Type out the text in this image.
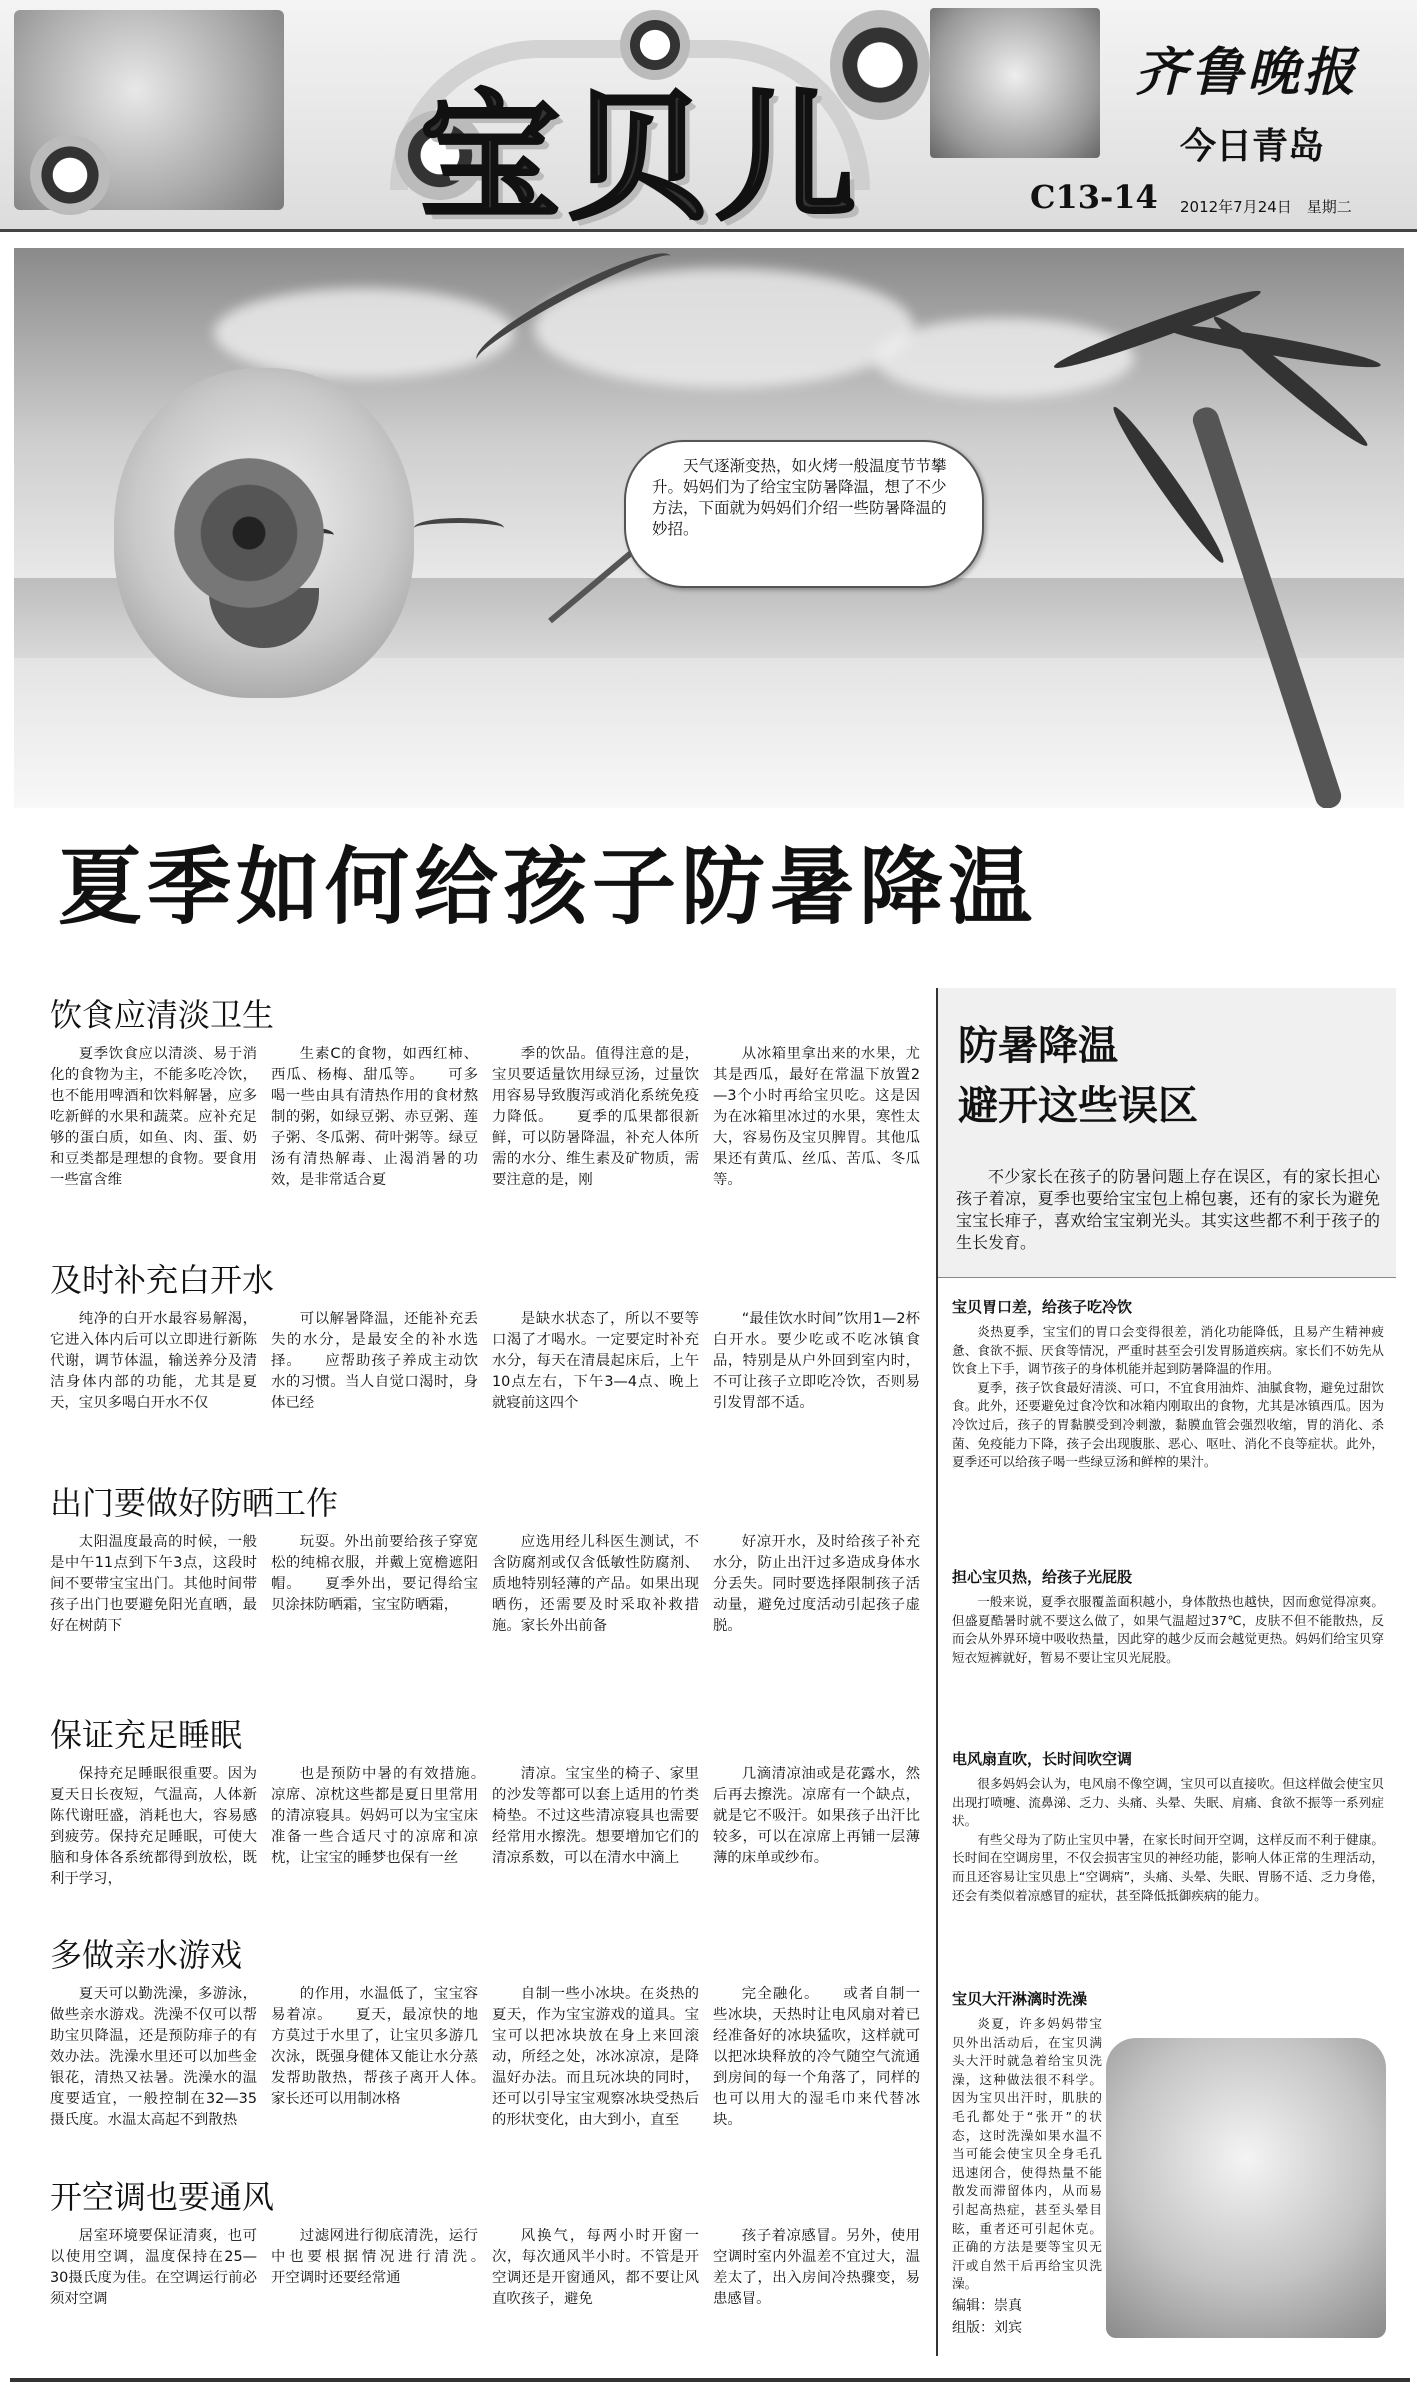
宝贝儿
齐鲁晚报
今日青岛
C13-14 2012年7月24日　星期二

天气逐渐变热，如火烤一般温度节节攀升。妈妈们为了给宝宝防暑降温，想了不少方法，下面就为妈妈们介绍一些防暑降温的妙招。

夏季如何给孩子防暑降温
饮食应清淡卫生

夏季饮食应以清淡、易于消化的食物为主，不能多吃冷饮，也不能用啤酒和饮料解暑，应多吃新鲜的水果和蔬菜。应补充足够的蛋白质，如鱼、肉、蛋、奶和豆类都是理想的食物。要食用一些富含维

生素C的食物，如西红柿、西瓜、杨梅、甜瓜等。　　可多喝一些由具有清热作用的食材熬制的粥，如绿豆粥、赤豆粥、莲子粥、冬瓜粥、荷叶粥等。绿豆汤有清热解毒、止渴消暑的功效，是非常适合夏

季的饮品。值得注意的是，宝贝要适量饮用绿豆汤，过量饮用容易导致腹泻或消化系统免疫力降低。　　夏季的瓜果都很新鲜，可以防暑降温，补充人体所需的水分、维生素及矿物质，需要注意的是，刚

从冰箱里拿出来的水果，尤其是西瓜，最好在常温下放置2—3个小时再给宝贝吃。这是因为在冰箱里冰过的水果，寒性太大，容易伤及宝贝脾胃。其他瓜果还有黄瓜、丝瓜、苦瓜、冬瓜等。

及时补充白开水

纯净的白开水最容易解渴，它进入体内后可以立即进行新陈代谢，调节体温，输送养分及清洁身体内部的功能，尤其是夏天，宝贝多喝白开水不仅

可以解暑降温，还能补充丢失的水分，是最安全的补水选择。　　应帮助孩子养成主动饮水的习惯。当人自觉口渴时，身体已经

是缺水状态了，所以不要等口渴了才喝水。一定要定时补充水分，每天在清晨起床后，上午10点左右，下午3—4点、晚上就寝前这四个

“最佳饮水时间”饮用1—2杯白开水。要少吃或不吃冰镇食品，特别是从户外回到室内时，不可让孩子立即吃冷饮，否则易引发胃部不适。

出门要做好防晒工作

太阳温度最高的时候，一般是中午11点到下午3点，这段时间不要带宝宝出门。其他时间带孩子出门也要避免阳光直晒，最好在树荫下

玩耍。外出前要给孩子穿宽松的纯棉衣服，并戴上宽檐遮阳帽。　　夏季外出，要记得给宝贝涂抹防晒霜，宝宝防晒霜，

应选用经儿科医生测试，不含防腐剂或仅含低敏性防腐剂、质地特别轻薄的产品。如果出现晒伤，还需要及时采取补救措施。家长外出前备

好凉开水，及时给孩子补充水分，防止出汗过多造成身体水分丢失。同时要选择限制孩子活动量，避免过度活动引起孩子虚脱。

保证充足睡眠

保持充足睡眠很重要。因为夏天日长夜短，气温高，人体新陈代谢旺盛，消耗也大，容易感到疲劳。保持充足睡眠，可使大脑和身体各系统都得到放松，既利于学习，

也是预防中暑的有效措施。　　凉席、凉枕这些都是夏日里常用的清凉寝具。妈妈可以为宝宝床准备一些合适尺寸的凉席和凉枕，让宝宝的睡梦也保有一丝

清凉。宝宝坐的椅子、家里的沙发等都可以套上适用的竹类椅垫。不过这些清凉寝具也需要经常用水擦洗。想要增加它们的清凉系数，可以在清水中滴上

几滴清凉油或是花露水，然后再去擦洗。凉席有一个缺点，就是它不吸汗。如果孩子出汗比较多，可以在凉席上再铺一层薄薄的床单或纱布。

多做亲水游戏

夏天可以勤洗澡，多游泳，做些亲水游戏。洗澡不仅可以帮助宝贝降温，还是预防痱子的有效办法。洗澡水里还可以加些金银花，清热又祛暑。洗澡水的温度要适宜，一般控制在32—35摄氏度。水温太高起不到散热

的作用，水温低了，宝宝容易着凉。　　夏天，最凉快的地方莫过于水里了，让宝贝多游几次泳，既强身健体又能让水分蒸发帮助散热，帮孩子离开人体。　　家长还可以用制冰格

自制一些小冰块。在炎热的夏天，作为宝宝游戏的道具。宝宝可以把冰块放在身上来回滚动，所经之处，冰冰凉凉，是降温好办法。而且玩冰块的同时，还可以引导宝宝观察冰块受热后的形状变化，由大到小，直至

完全融化。　　或者自制一些冰块，天热时让电风扇对着已经准备好的冰块猛吹，这样就可以把冰块释放的冷气随空气流通到房间的每一个角落了，同样的也可以用大的湿毛巾来代替冰块。

开空调也要通风

居室环境要保证清爽，也可以使用空调，温度保持在25—30摄氏度为佳。在空调运行前必须对空调

过滤网进行彻底清洗，运行中也要根据情况进行清洗。　　开空调时还要经常通

风换气，每两小时开窗一次，每次通风半小时。不管是开空调还是开窗通风，都不要让风直吹孩子，避免

孩子着凉感冒。另外，使用空调时室内外温差不宜过大，温差太了，出入房间冷热骤变，易患感冒。

防暑降温
避开这些误区

不少家长在孩子的防暑问题上存在误区，有的家长担心孩子着凉，夏季也要给宝宝包上棉包裹，还有的家长为避免宝宝长痱子，喜欢给宝宝剃光头。其实这些都不利于孩子的生长发育。

宝贝胃口差，给孩子吃冷饮

炎热夏季，宝宝们的胃口会变得很差，消化功能降低，且易产生精神疲惫、食欲不振、厌食等情况，严重时甚至会引发胃肠道疾病。家长们不妨先从饮食上下手，调节孩子的身体机能并起到防暑降温的作用。

夏季，孩子饮食最好清淡、可口，不宜食用油炸、油腻食物，避免过甜饮食。此外，还要避免过食冷饮和冰箱内刚取出的食物，尤其是冰镇西瓜。因为冷饮过后，孩子的胃黏膜受到冷刺激，黏膜血管会强烈收缩，胃的消化、杀菌、免疫能力下降，孩子会出现腹胀、恶心、呕吐、消化不良等症状。此外，夏季还可以给孩子喝一些绿豆汤和鲜榨的果汁。

担心宝贝热，给孩子光屁股

一般来说，夏季衣服覆盖面积越小，身体散热也越快，因而愈觉得凉爽。但盛夏酷暑时就不要这么做了，如果气温超过37℃，皮肤不但不能散热，反而会从外界环境中吸收热量，因此穿的越少反而会越觉更热。妈妈们给宝贝穿短衣短裤就好，暂易不要让宝贝光屁股。

电风扇直吹，长时间吹空调

很多妈妈会认为，电风扇不像空调，宝贝可以直接吹。但这样做会使宝贝出现打喷嚏、流鼻涕、乏力、头痛、头晕、失眠、肩痛、食欲不振等一系列症状。

有些父母为了防止宝贝中暑，在家长时间开空调，这样反而不利于健康。长时间在空调房里，不仅会损害宝贝的神经功能，影响人体正常的生理活动，而且还容易让宝贝患上“空调病”，头痛、头晕、失眠、胃肠不适、乏力身倦，还会有类似着凉感冒的症状，甚至降低抵御疾病的能力。

宝贝大汗淋漓时洗澡

炎夏，许多妈妈带宝贝外出活动后，在宝贝满头大汗时就急着给宝贝洗澡，这种做法很不科学。因为宝贝出汗时，肌肤的毛孔都处于“张开”的状态，这时洗澡如果水温不当可能会使宝贝全身毛孔迅速闭合，使得热量不能散发而滞留体内，从而易引起高热症，甚至头晕目眩，重者还可引起休克。正确的方法是要等宝贝无汗或自然干后再给宝贝洗澡。

编辑：崇真
组版：刘宾
